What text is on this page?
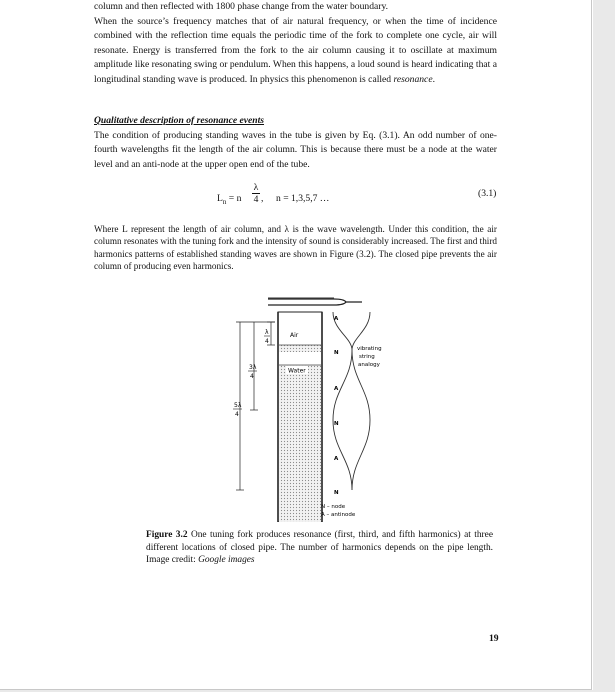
column and then reflected with 1800 phase change from the water boundary.

When the source’s frequency matches that of air natural frequency, or when the time of incidence combined with the reflection time equals the periodic time of the fork to complete one cycle, air will resonate. Energy is transferred from the fork to the air column causing it to oscillate at maximum amplitude like resonating swing or pendulum. When this happens, a loud sound is heard indicating that a longitudinal standing wave is produced. In physics this phenomenon is called resonance.

Qualitative description of resonance events

The condition of producing standing waves in the tube is given by Eq. (3.1). An odd number of one-fourth wavelengths fit the length of the air column. This is because there must be a node at the water level and an anti-node at the upper open end of the tube.

$L_n = n \frac{\lambda}{4}$ , n = 1,3,5,7 …	(3.1)

Where L represent the length of air column, and λ is the wave wavelength. Under this condition, the air column resonates with the tuning fork and the intensity of sound is considerably increased. The first and third harmonics patterns of established standing waves are shown in Figure (3.2). The closed pipe prevents the air column of producing even harmonics.

Water
Air
λ
4
3λ
4
5λ
4
A
N
A
N
A
N
vibrating
string
analogy
N – node
A – antinode

Figure 3.2 One tuning fork produces resonance (first, third, and fifth harmonics) at three different locations of closed pipe. The number of harmonics depends on the pipe length. Image credit: Google images

19
